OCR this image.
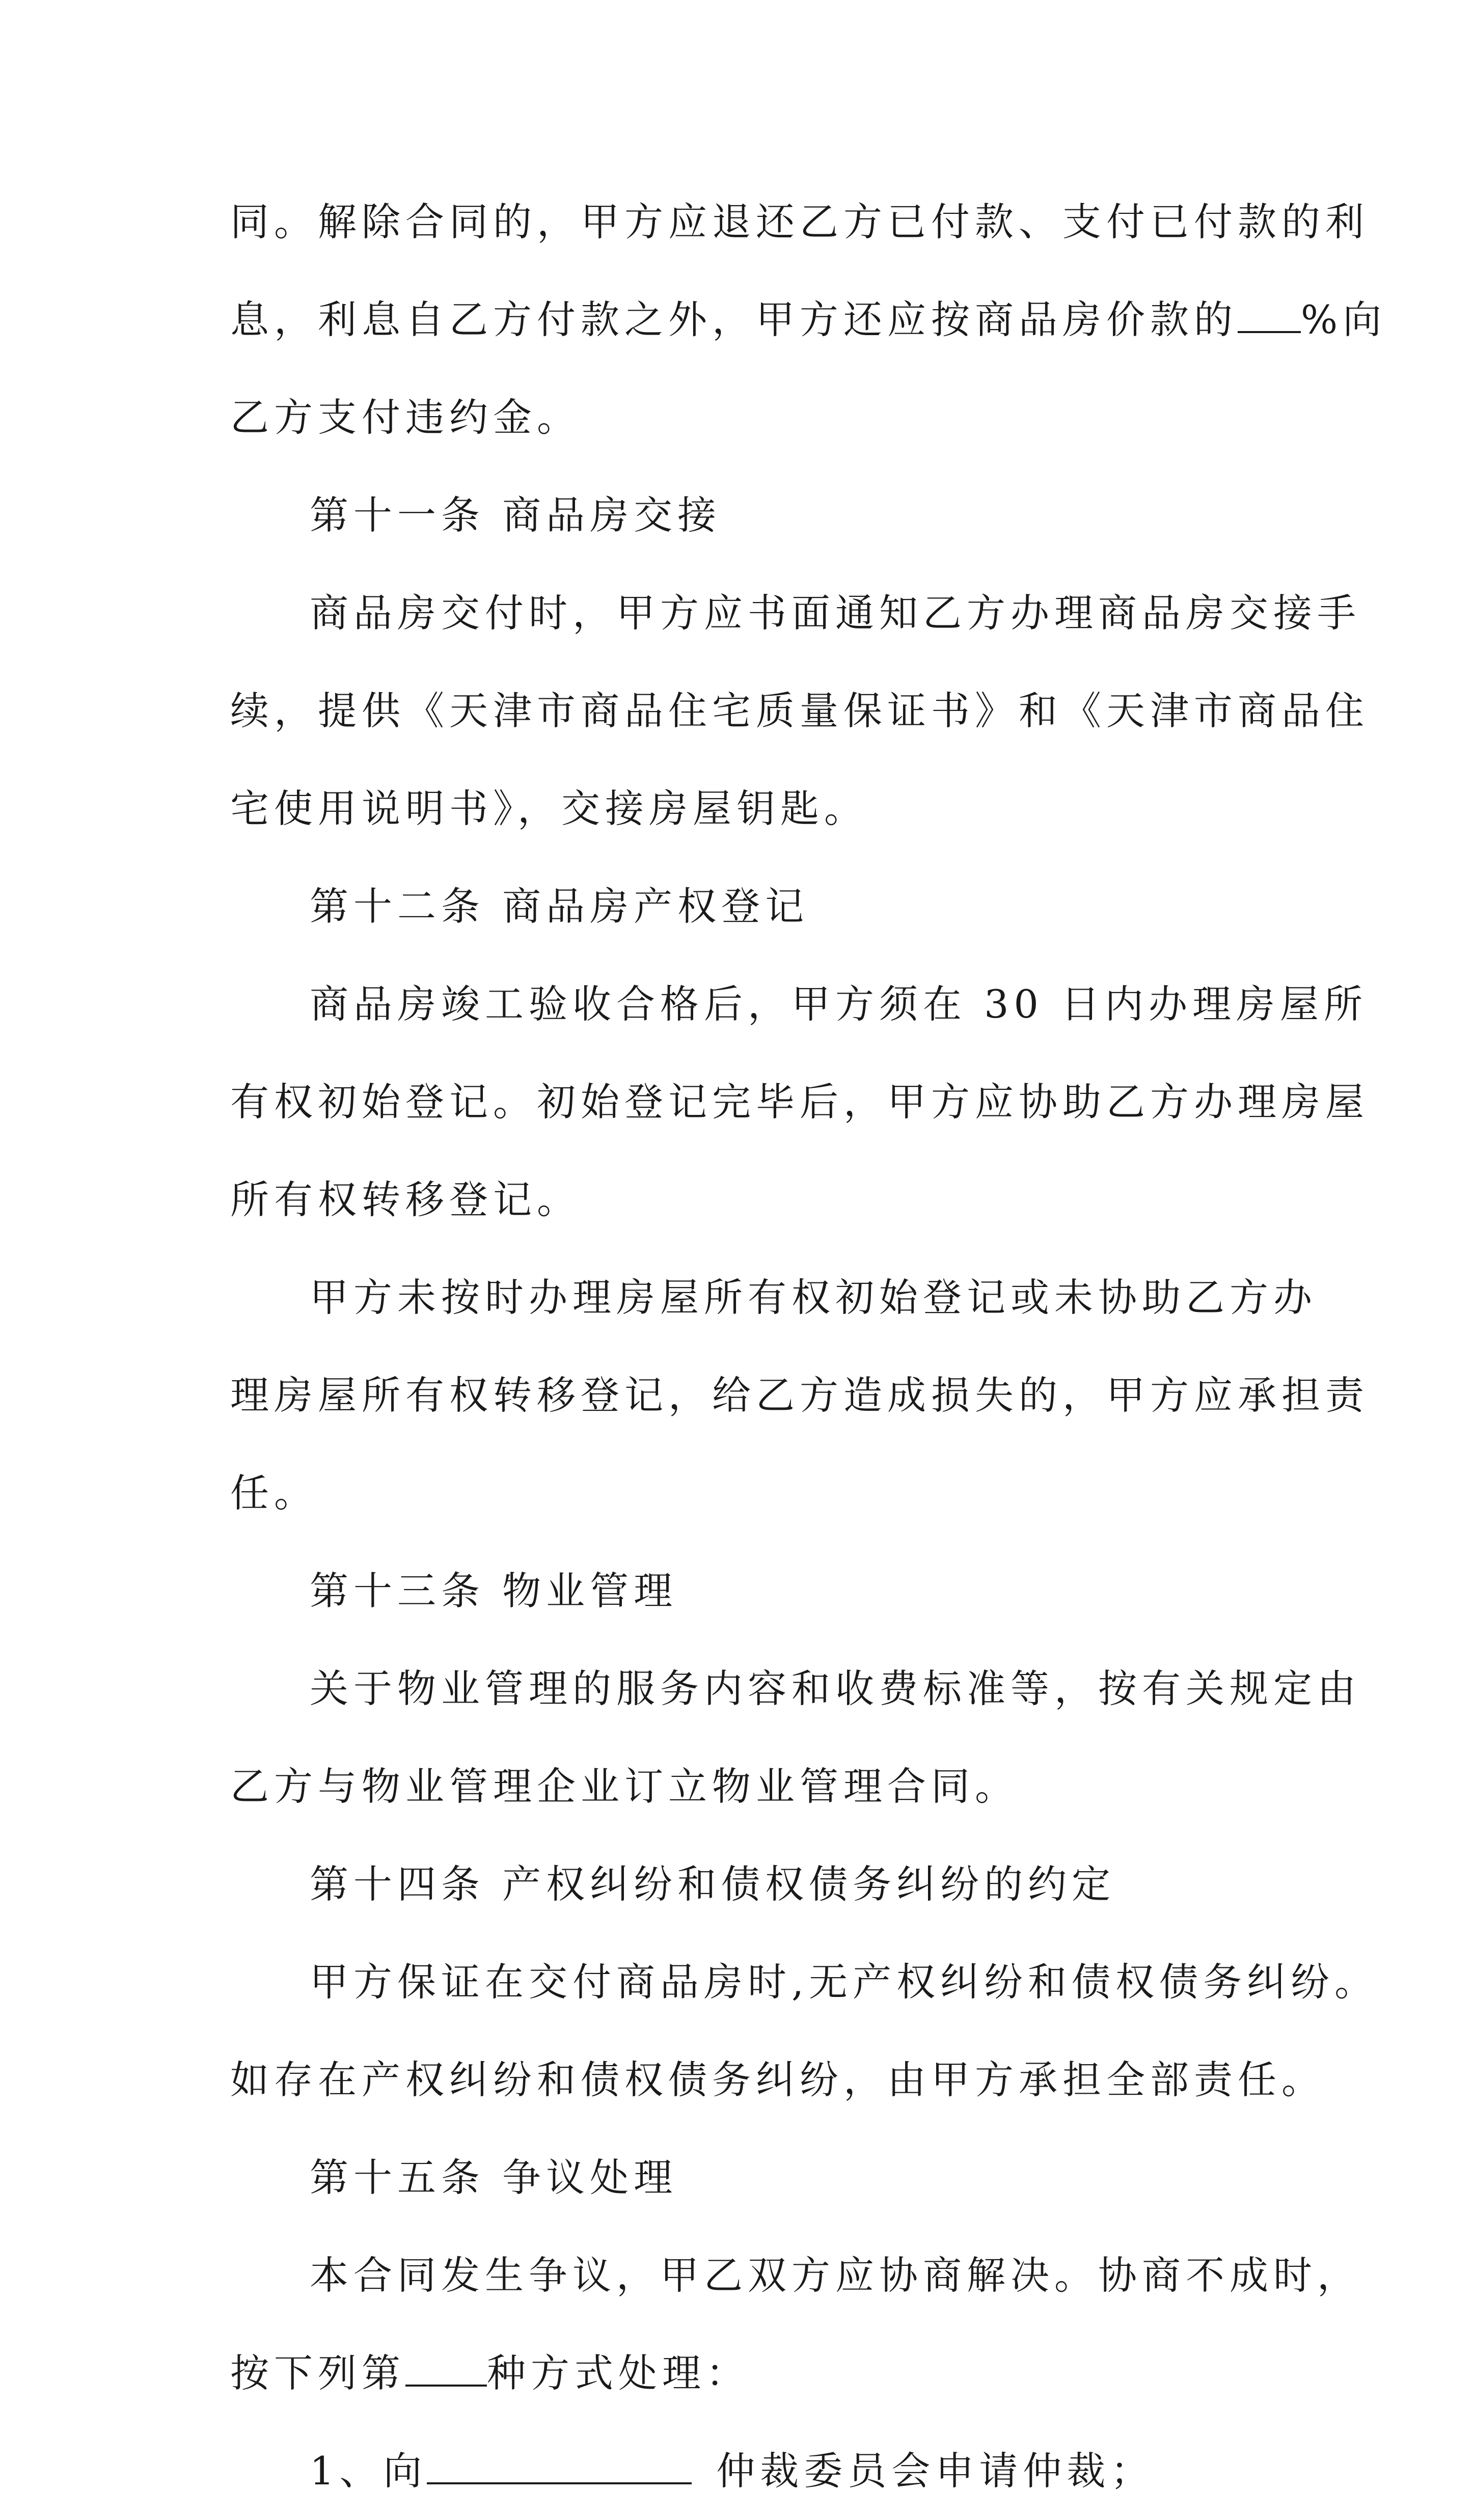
同。解除合同的，甲方应退还乙方已付款、支付已付款的利
息，利息自乙方付款之外，甲方还应按商品房价款的 %向
乙方支付违约金。
第十一条 商品房交接
商品房交付时，甲方应书面通知乙方办理商品房交接手
续，提供《天津市商品住宅质量保证书》和《天津市商品住
宅使用说明书》，交接房屋钥匙。
第十二条 商品房产权登记
商品房竣工验收合格后，甲方须在 30 日内办理房屋所
有权初始登记。初始登记完毕后，甲方应协助乙方办理房屋
所有权转移登记。
甲方未按时办理房屋所有权初始登记或未协助乙方办
理房屋所有权转移登记，给乙方造成损失的，甲方应承担责
任。
第十三条 物业管理
关于物业管理的服务内容和收费标准等，按有关规定由
乙方与物业管理企业订立物业管理合同。
第十四条 产权纠纷和债权债务纠纷的约定
甲方保证在交付商品房时,无产权纠纷和债权债务纠纷。
如存在产权纠纷和债权债务纠纷，由甲方承担全部责任。
第十五条 争议处理
本合同发生争议，甲乙双方应协商解决。协商不成时，
按下列第 种方式处理：
1、向	仲裁委员会申请仲裁；
